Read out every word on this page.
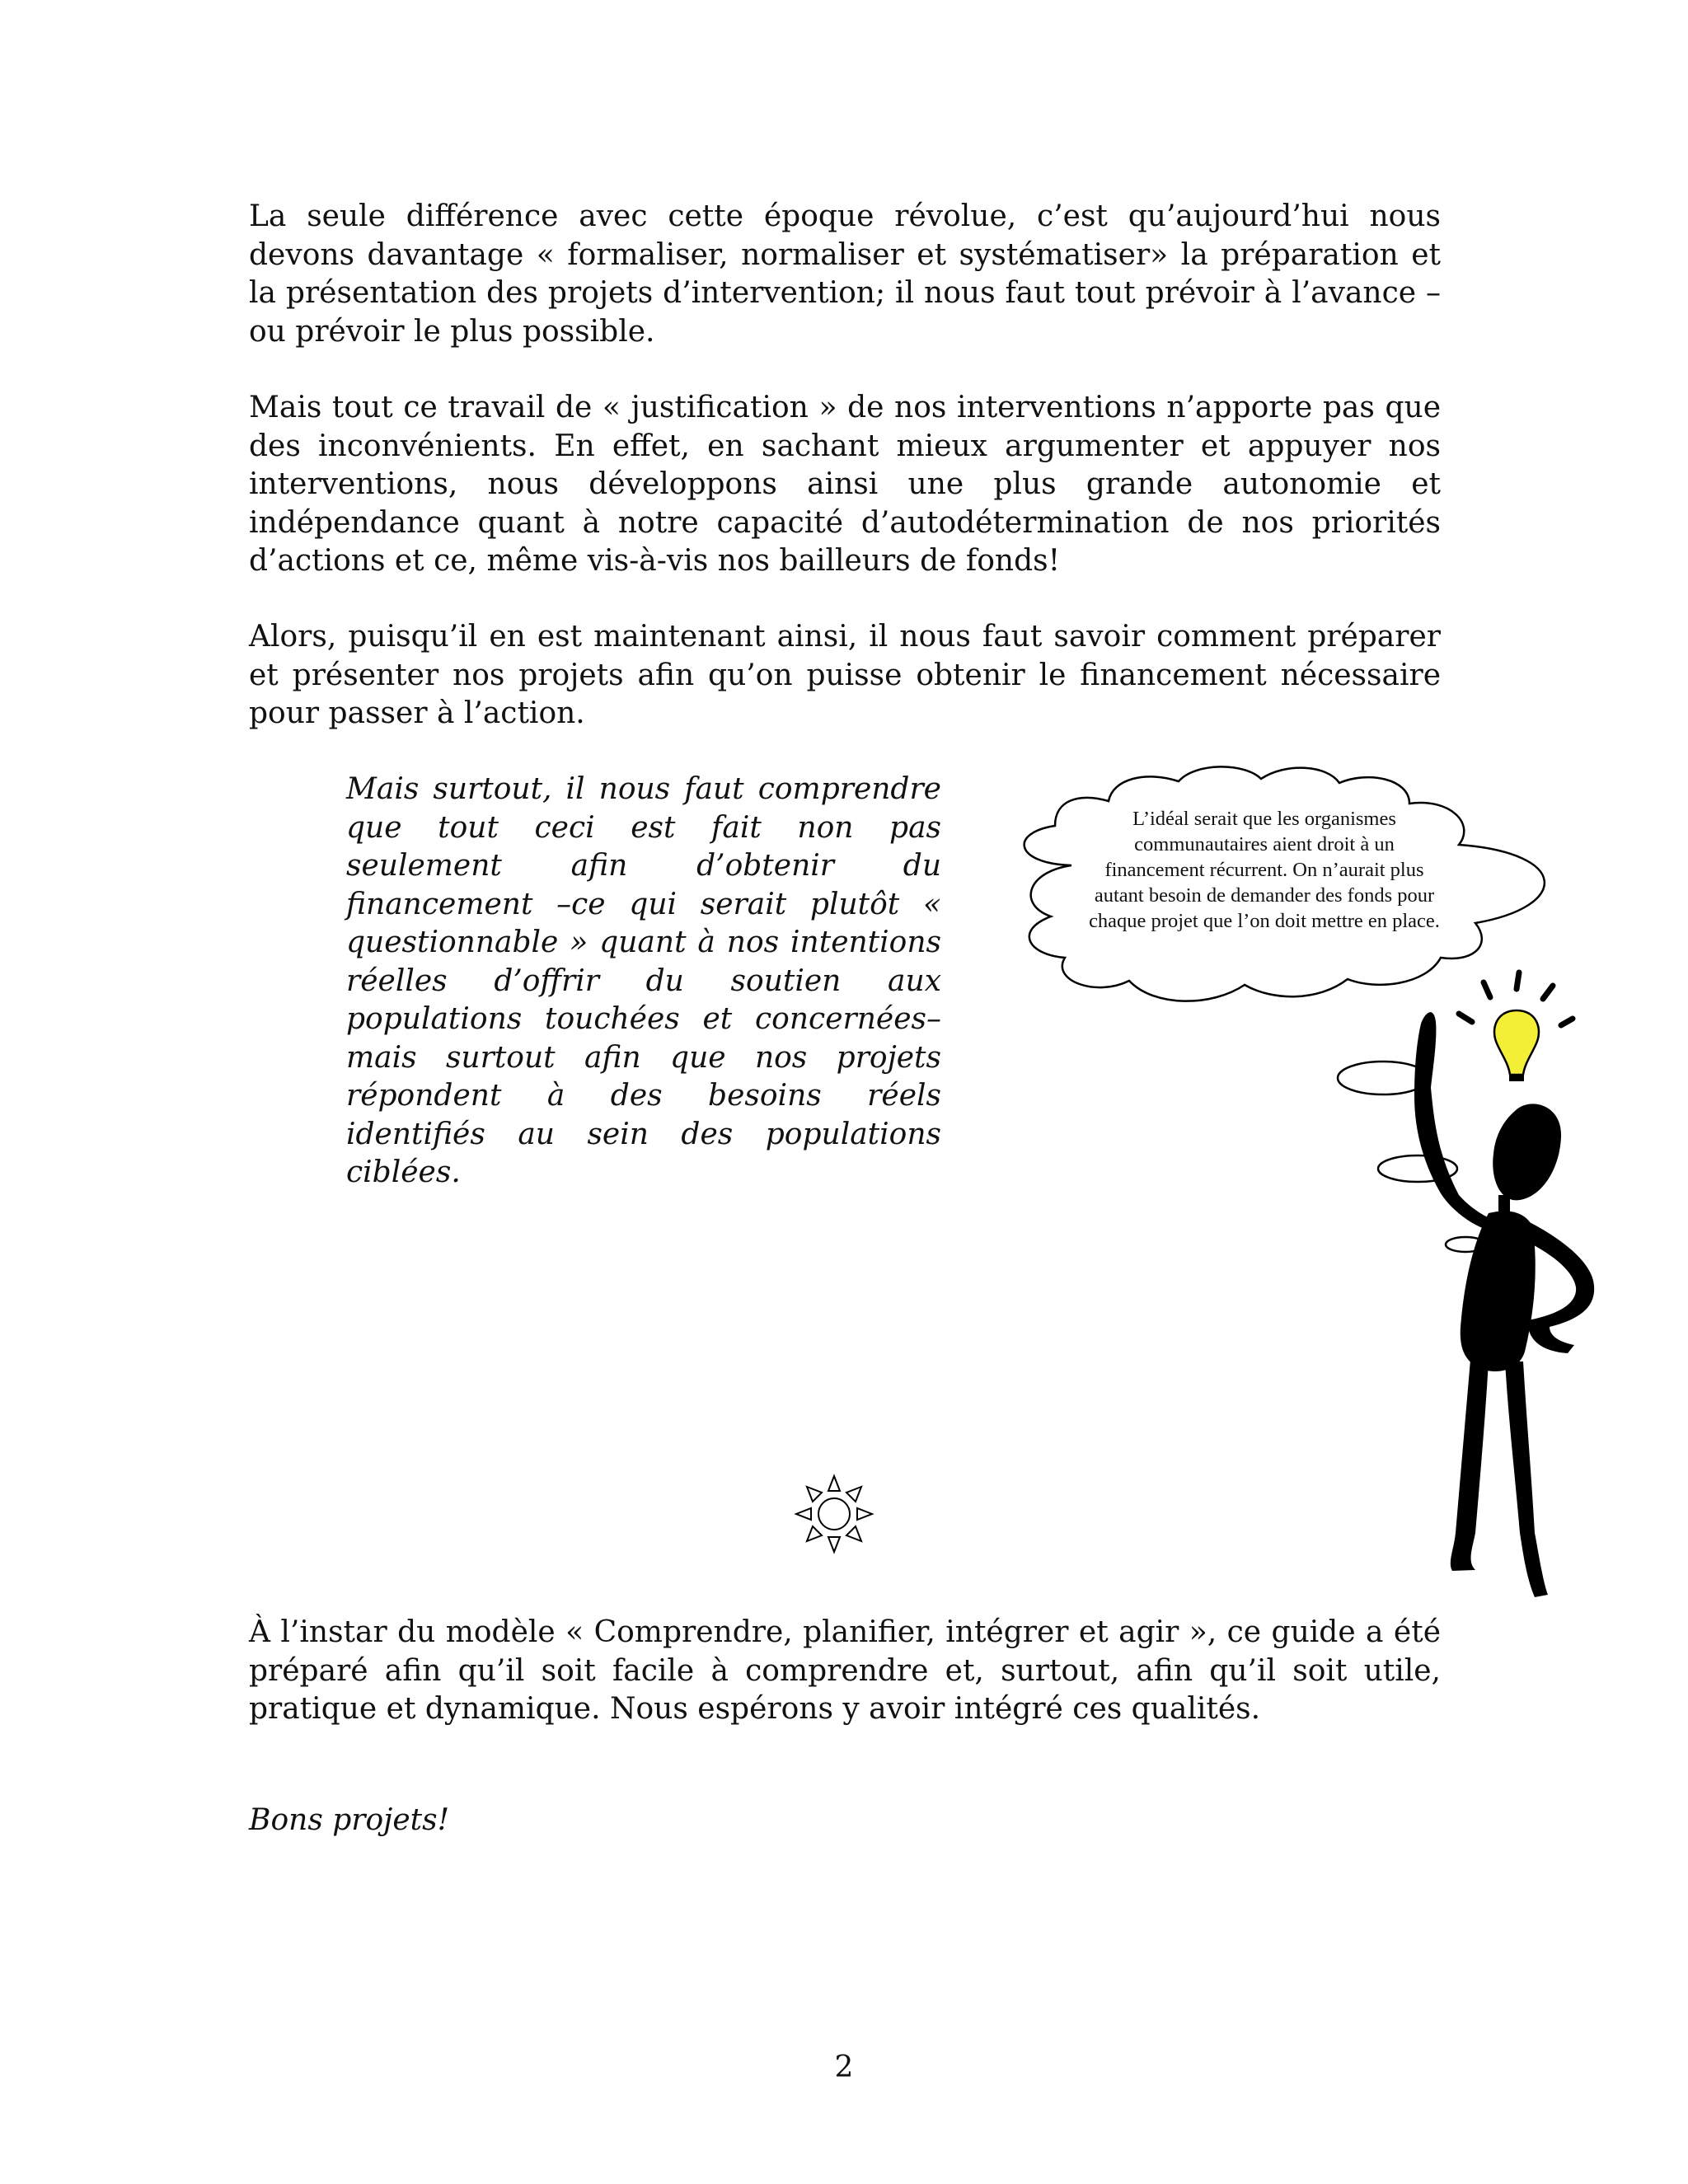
La seule différence avec cette époque révolue, c’est qu’aujourd’hui nous devons davantage « formaliser, normaliser et systématiser» la préparation et la présentation des projets d’intervention; il nous faut tout prévoir à l’avance –ou prévoir le plus possible.

Mais tout ce travail de « justification » de nos interventions n’apporte pas que des inconvénients. En effet, en sachant mieux argumenter et appuyer nos interventions, nous développons ainsi une plus grande autonomie et indépendance quant à notre capacité d’autodétermination de nos priorités d’actions et ce, même vis-à-vis nos bailleurs de fonds!

Alors, puisqu’il en est maintenant ainsi, il nous faut savoir comment préparer et présenter nos projets afin qu’on puisse obtenir le financement nécessaire pour passer à l’action.

Mais surtout, il nous faut comprendre que tout ceci est fait non pas seulement afin d’obtenir du financement –ce qui serait plutôt « questionnable » quant à nos intentions réelles d’offrir du soutien aux populations touchées et concernées– mais surtout afin que nos projets répondent à des besoins réels identifiés au sein des populations ciblées.

L’idéal serait que les organismes communautaires aient droit à un financement récurrent. On n’aurait plus autant besoin de demander des fonds pour chaque projet que l’on doit mettre en place.

À l’instar du modèle « Comprendre, planifier, intégrer et agir », ce guide a été préparé afin qu’il soit facile à comprendre et, surtout, afin qu’il soit utile, pratique et dynamique. Nous espérons y avoir intégré ces qualités.

Bons projets!

2
